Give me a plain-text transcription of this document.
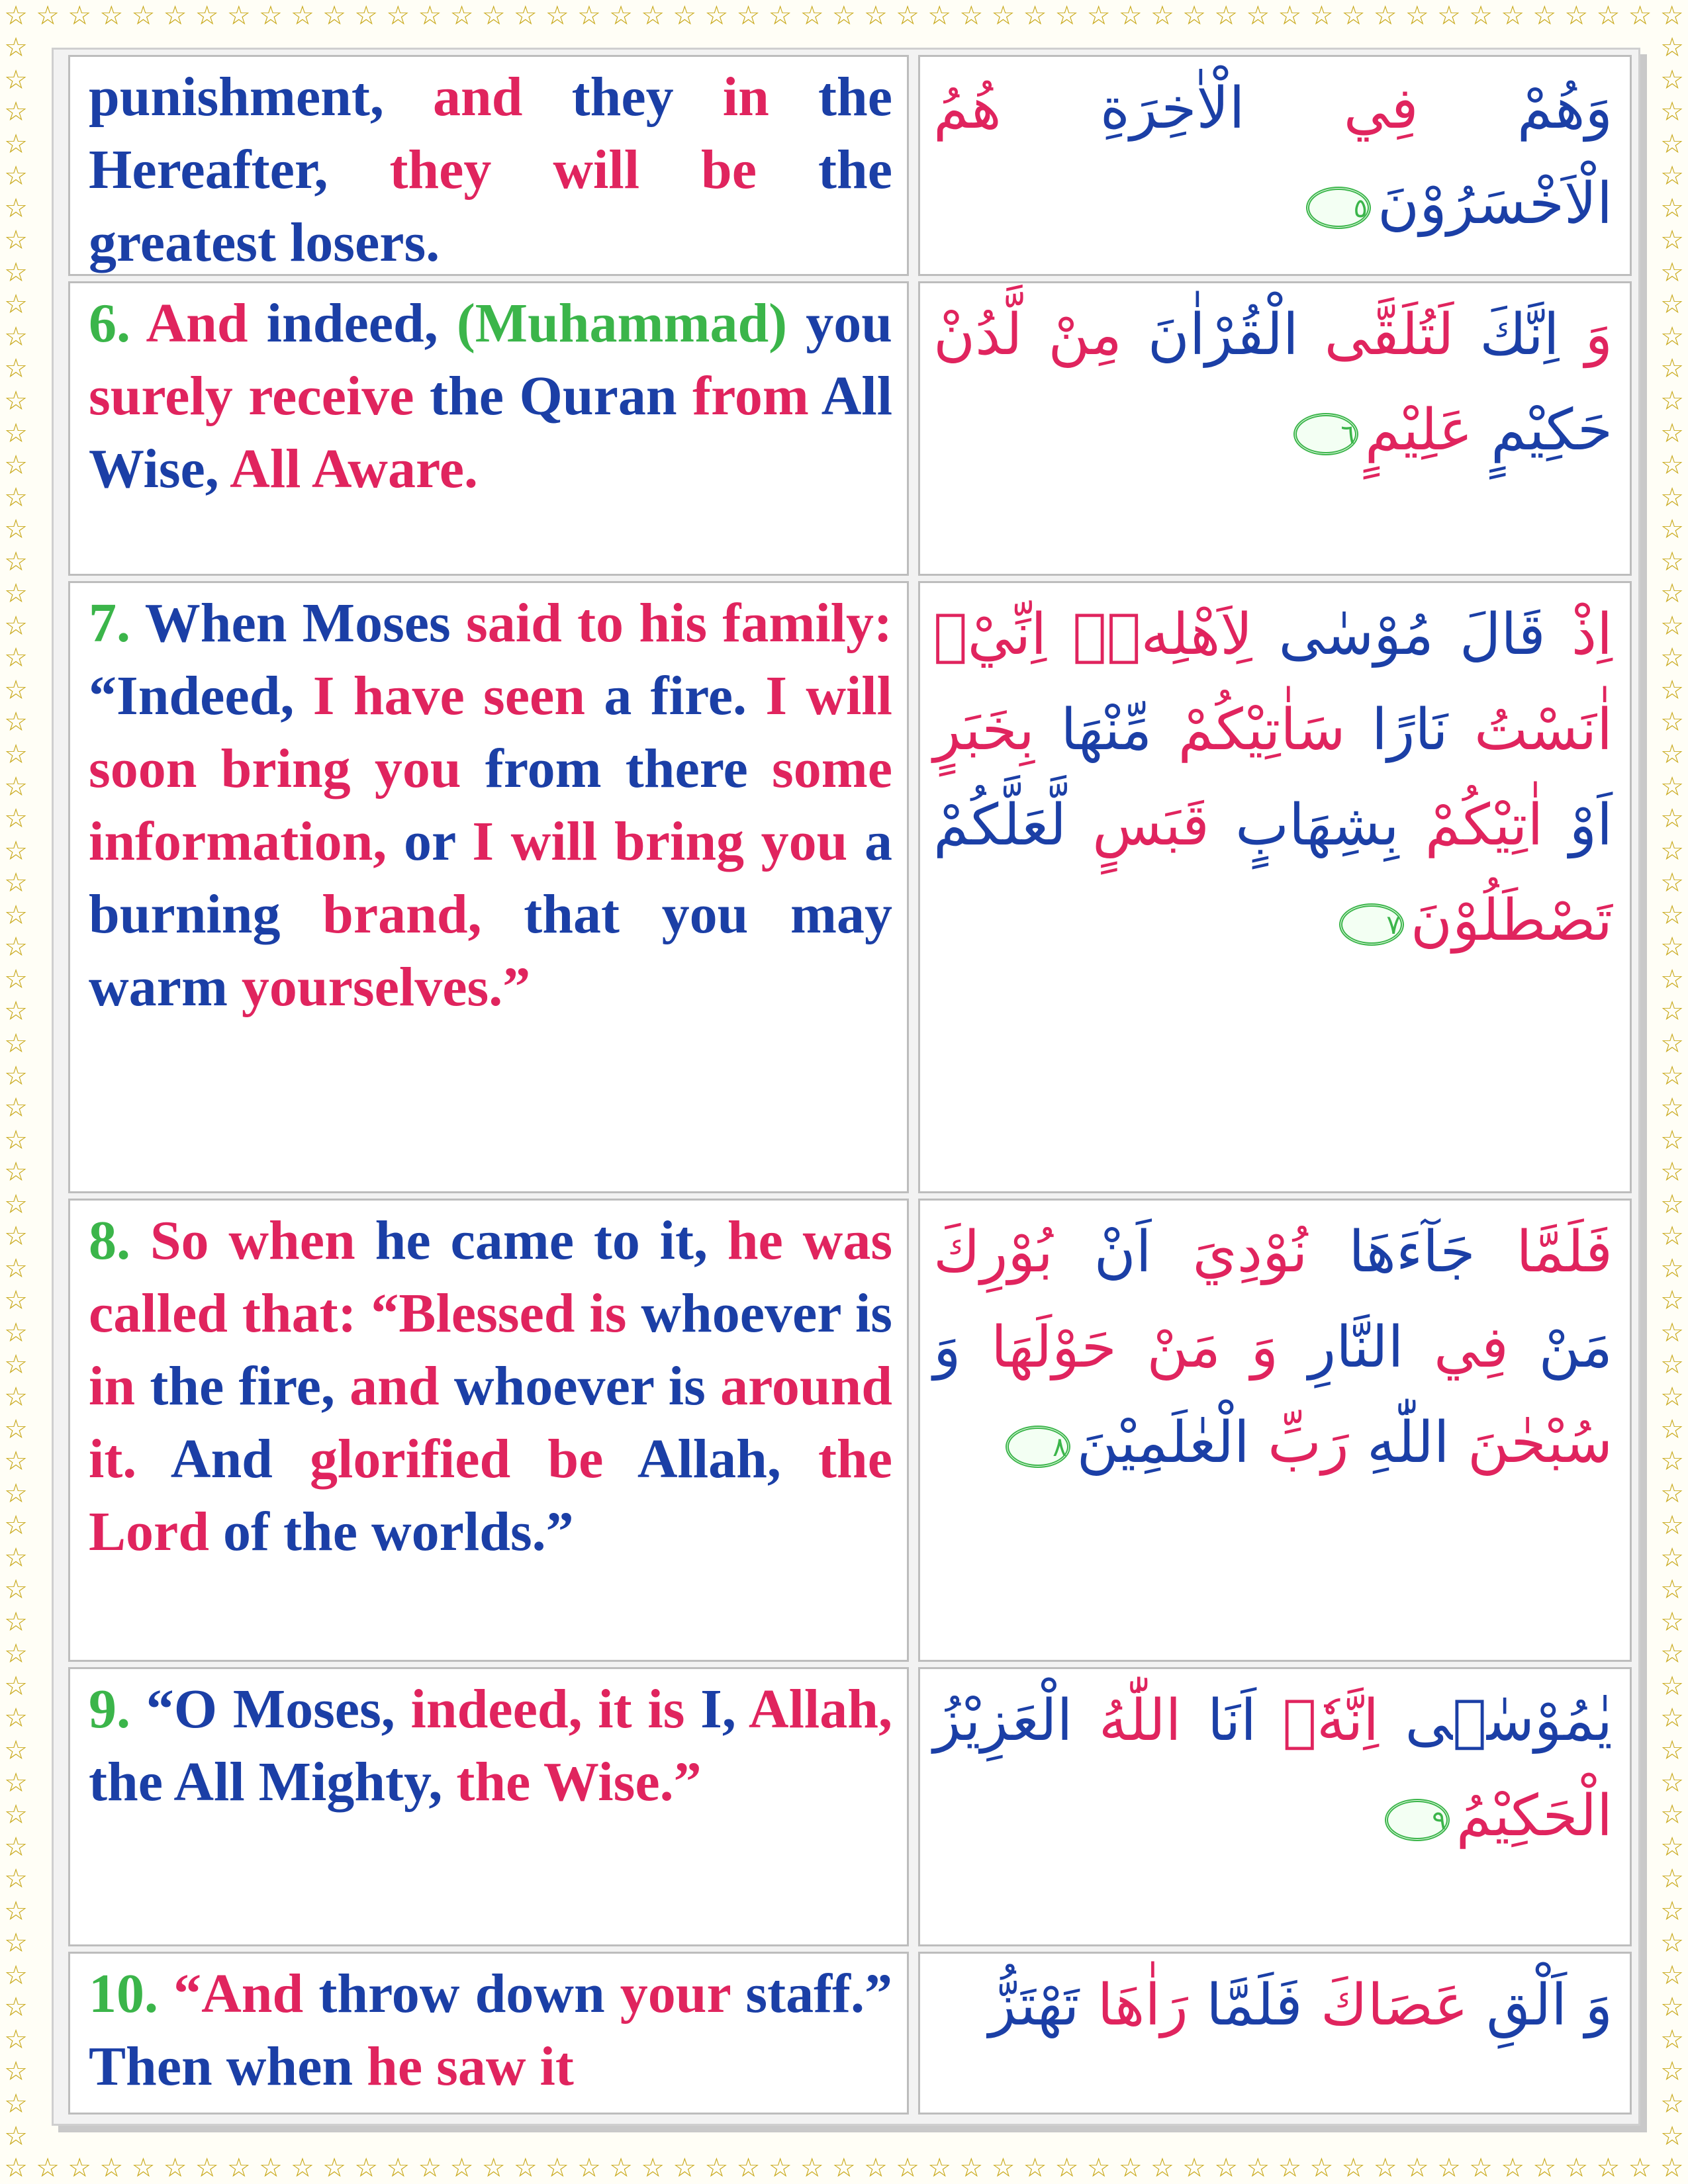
☆ ☆ ☆ ☆ ☆ ☆ ☆ ☆ ☆ ☆ ☆ ☆ ☆ ☆ ☆ ☆ ☆ ☆ ☆ ☆ ☆ ☆ ☆ ☆ ☆ ☆ ☆ ☆ ☆ ☆ ☆ ☆ ☆ ☆ ☆ ☆ ☆ ☆ ☆ ☆ ☆ ☆ ☆ ☆ ☆ ☆ ☆ ☆ ☆ ☆ ☆ ☆ ☆
☆ ☆ ☆ ☆ ☆ ☆ ☆ ☆ ☆ ☆ ☆ ☆ ☆ ☆ ☆ ☆ ☆ ☆ ☆ ☆ ☆ ☆ ☆ ☆ ☆ ☆ ☆ ☆ ☆ ☆ ☆ ☆ ☆ ☆ ☆ ☆ ☆ ☆ ☆ ☆ ☆ ☆ ☆ ☆ ☆ ☆ ☆ ☆ ☆ ☆ ☆ ☆ ☆
☆
☆
☆
☆
☆
☆
☆
☆
☆
☆
☆
☆
☆
☆
☆
☆
☆
☆
☆
☆
☆
☆
☆
☆
☆
☆
☆
☆
☆
☆
☆
☆
☆
☆
☆
☆
☆
☆
☆
☆
☆
☆
☆
☆
☆
☆
☆
☆
☆
☆
☆
☆
☆
☆
☆
☆
☆
☆
☆
☆
☆
☆
☆
☆
☆
☆
☆
☆
☆
☆
☆
☆
☆
☆
☆
☆
☆
☆
☆
☆
☆
☆
☆
☆
☆
☆
☆
☆
☆
☆
☆
☆
☆
☆
☆
☆
☆
☆
☆
☆
☆
☆
☆
☆
☆
☆
☆
☆
☆
☆
☆
☆
☆
☆
☆
☆
☆
☆
☆
☆
☆
☆
☆
☆
☆
☆
☆
☆
☆
☆
☆
☆

punishment, and they in the Hereafter, they will be the greatest losers.

وَهُمْ فِي الْاٰخِرَةِ هُمُ الْاَخْسَرُوْنَ٥

6. And indeed, (Muhammad) you surely receive the Quran from All Wise, All Aware.

وَ اِنَّكَ لَتُلَقَّى الْقُرْاٰنَ مِنْ لَّدُنْ حَكِيْمٍ عَلِيْمٍ٦

7. When Moses said to his family: “Indeed, I have seen a fire. I will soon bring you from there some information, or I will bring you a burning brand, that you may warm yourselves.”

اِذْ قَالَ مُوْسٰى لِاَهْلِهٖۤ اِنِّيْۤ اٰنَسْتُ نَارًا سَاٰتِيْكُمْ مِّنْهَا بِخَبَرٍ اَوْ اٰتِيْكُمْ بِشِهَابٍ قَبَسٍ لَّعَلَّكُمْ تَصْطَلُوْنَ٧

8. So when he came to it, he was called that: “Blessed is whoever is in the fire, and whoever is around it. And glorified be Allah, the Lord of the worlds.”

فَلَمَّا جَآءَهَا نُوْدِيَ اَنْ بُوْرِكَ مَنْ فِي النَّارِ وَ مَنْ حَوْلَهَا وَ سُبْحٰنَ اللّٰهِ رَبِّ الْعٰلَمِيْنَ٨

9. “O Moses, indeed, it is I, Allah, the All Mighty, the Wise.”

يٰمُوْسٰۤى اِنَّهٗۤ اَنَا اللّٰهُ الْعَزِيْزُ الْحَكِيْمُ٩

10. “And throw down your staff.” Then when he saw it

وَ اَلْقِ عَصَاكَ فَلَمَّا رَاٰهَا تَهْتَزُّ
